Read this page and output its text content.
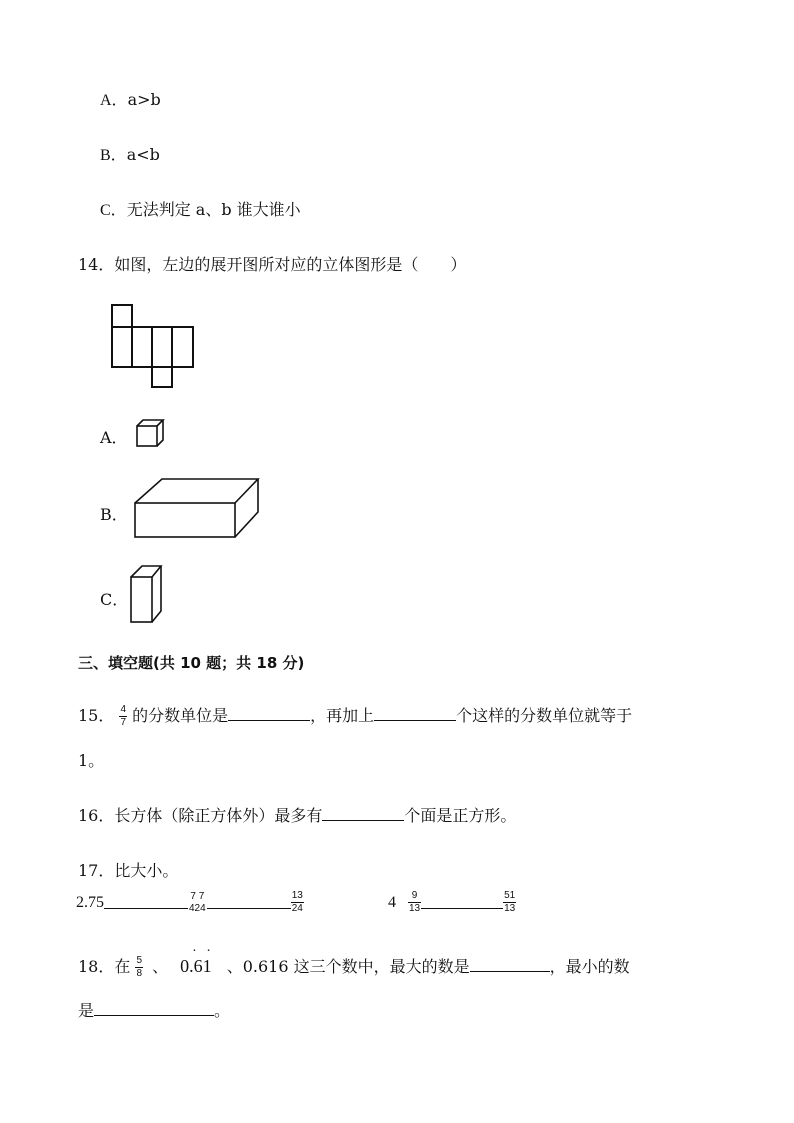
A．a>b
B．a<b
C．无法判定 a、b 谁大谁小
14．如图，左边的展开图所对应的立体图形是（　　）
A．
B．
C．
三、填空题(共 10 题；共 18 分)
15． $\frac{4}{7}$ 的分数单位是	，再加上	个这样的分数单位就等于
1。
16．长方体（除正方体外）最多有	个面是正方形。
17．比大小。
2.75	7 7
424	$\frac{13}{24}$	$4 \frac{9}{13}$	$\frac{51}{13}$
18．在 $\frac{5}{8}$ 、 0.61
· ·
、0.616 这三个数中，最大的数是	，最小的数
是	。
